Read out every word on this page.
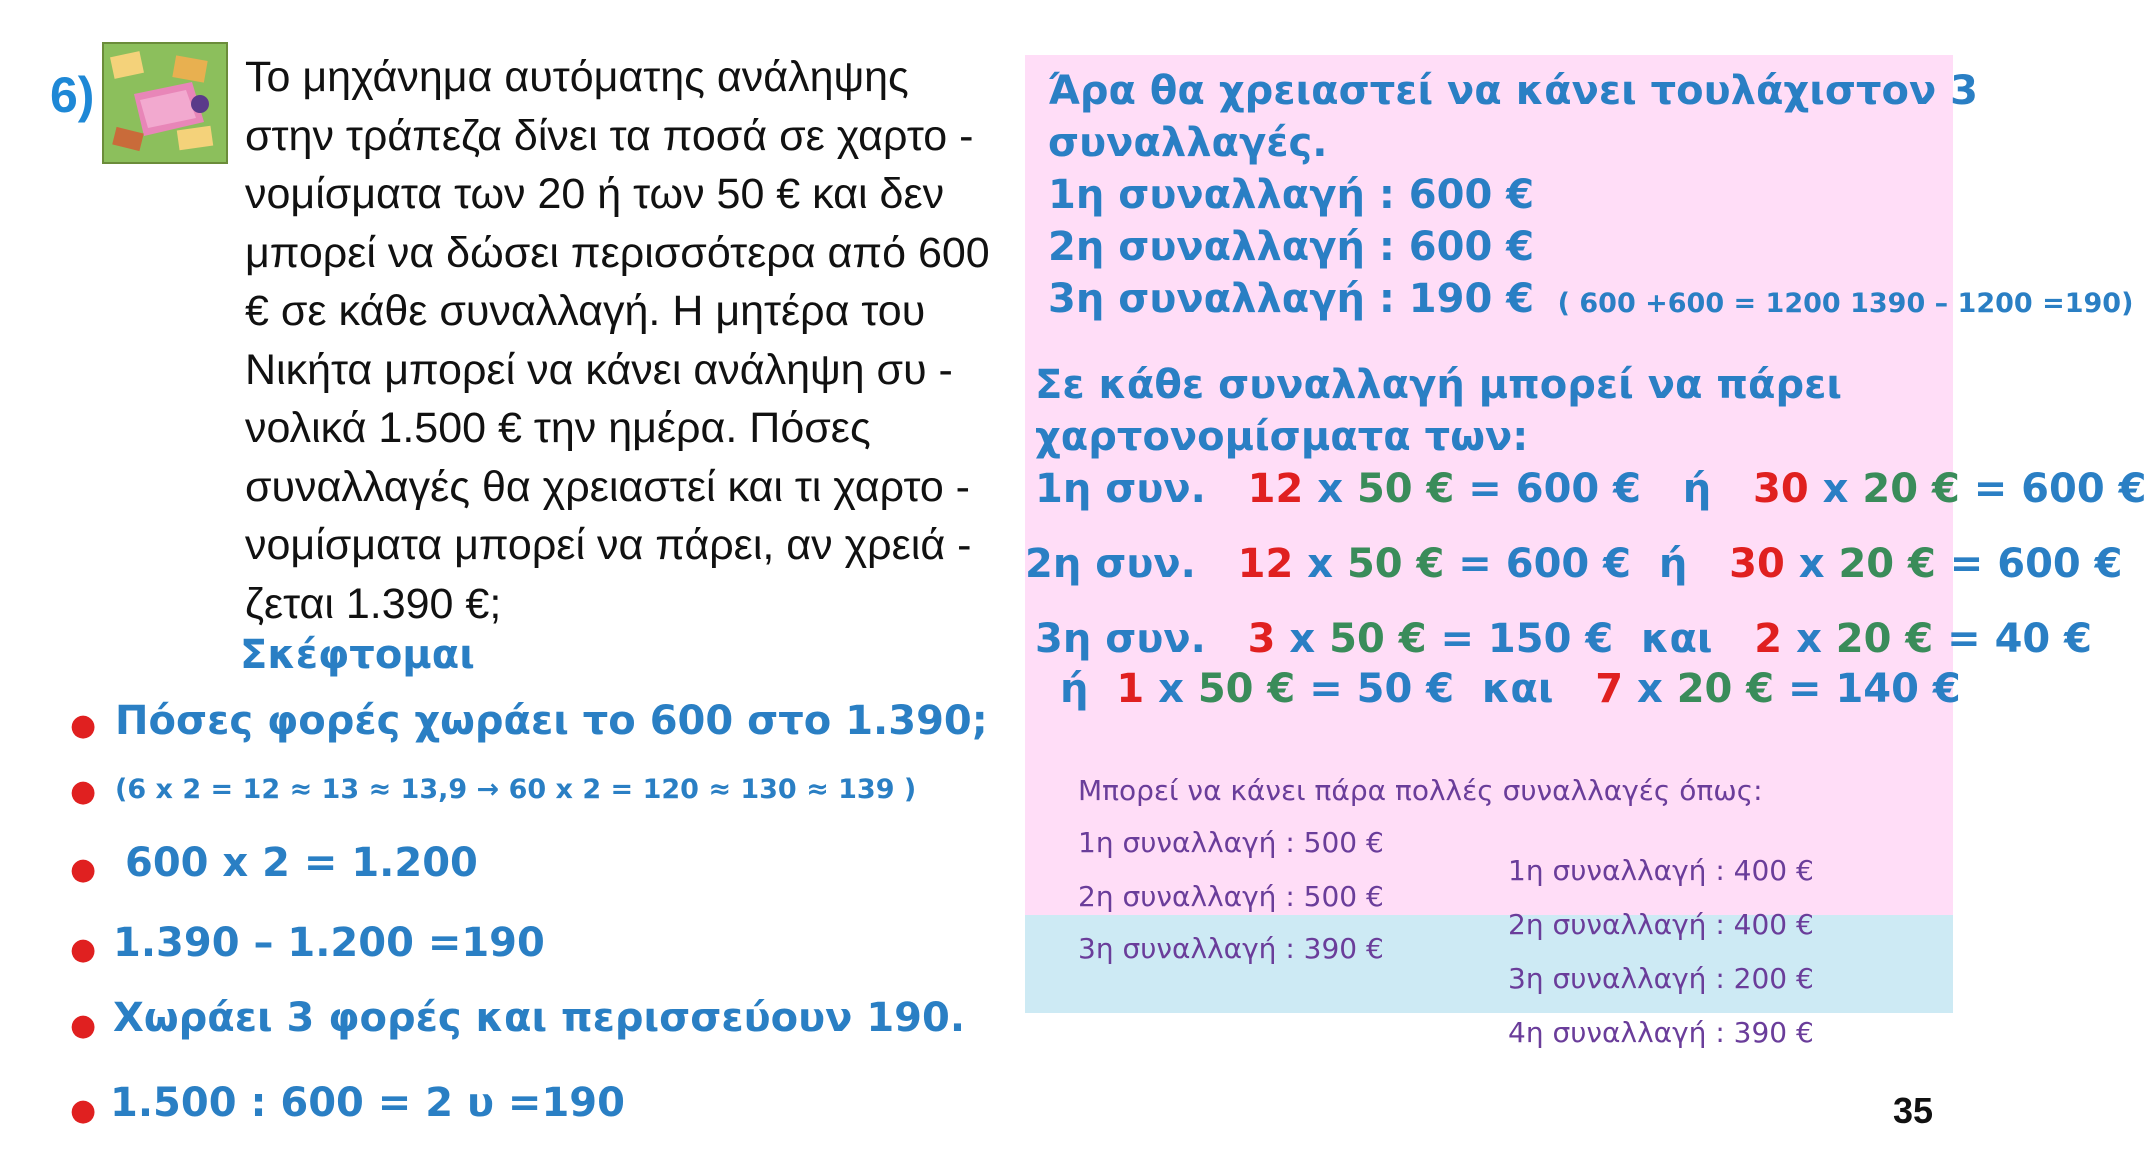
6)	Το μηχάνημα αυτόματης ανάληψης
στην τράπεζα δίνει τα ποσά σε χαρτο -
νομίσματα των 20 ή των 50 € και δεν
μπορεί να δώσει περισσότερα από 600
€ σε κάθε συναλλαγή. Η μητέρα του
Νικήτα μπορεί να κάνει ανάληψη συ -
νολικά 1.500 € την ημέρα. Πόσες
συναλλαγές θα χρειαστεί και τι χαρτο -
νομίσματα μπορεί να πάρει, αν χρειά -
ζεται 1.390 €;
Σκέφτομαι
● Πόσες φορές χωράει το 600 στο 1.390;
● (6 x 2 = 12 ≈ 13 ≈ 13,9 → 60 x 2 = 120 ≈ 130 ≈ 139 )
● 600 x 2 = 1.200
● 1.390 – 1.200 =190
● Χωράει 3 φορές και περισσεύουν 190.
● 1.500 : 600 = 2 υ =190
Άρα θα χρειαστεί να κάνει τουλάχιστον 3
συναλλαγές.
1η συναλλαγή : 600 €
2η συναλλαγή : 600 €
3η συναλλαγή : 190 € ( 600 +600 = 1200 1390 – 1200 =190)
Σε κάθε συναλλαγή μπορεί να πάρει
χαρτονομίσματα των:
1η συν. 12 x 50 € = 600 € ή 30 x 20 € = 600 €
2η συν. 12 x 50 € = 600 € ή 30 x 20 € = 600 €
3η συν. 3 x 50 € = 150 € και 2 x 20 € = 40 €
ή 1 x 50 € = 50 € και 7 x 20 € = 140 €
Μπορεί να κάνει πάρα πολλές συναλλαγές όπως:
1η συναλλαγή : 500 €
2η συναλλαγή : 500 €
3η συναλλαγή : 390 €
1η συναλλαγή : 400 €
2η συναλλαγή : 400 €
3η συναλλαγή : 200 €
4η συναλλαγή : 390 €
35
